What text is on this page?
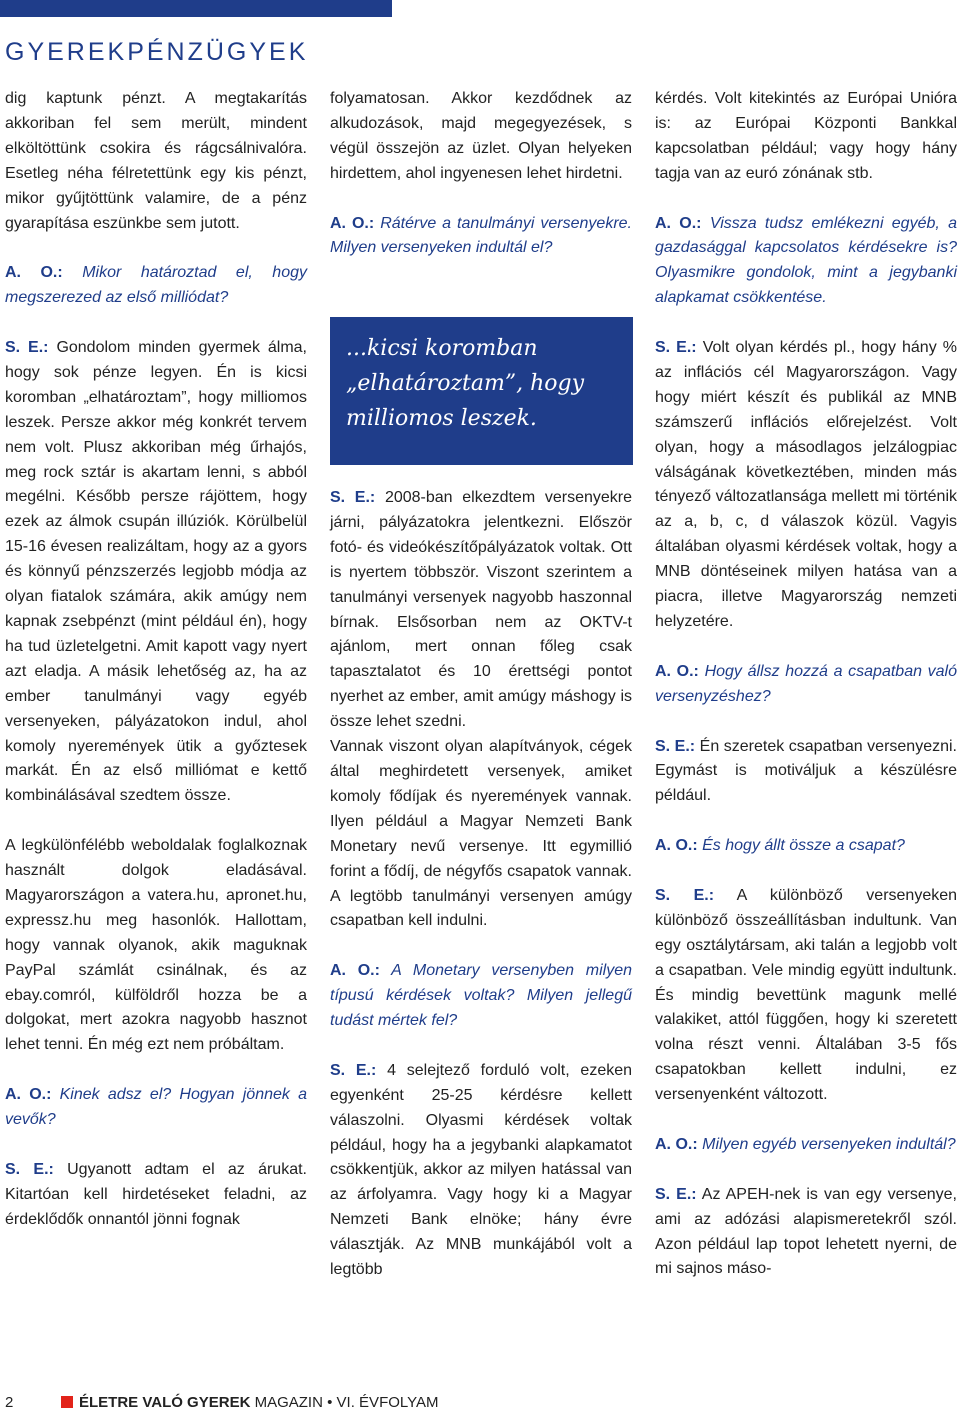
GYEREKPÉNZÜGYEK

dig kaptunk pénzt. A megtakarítás akkoriban fel sem merült, mindent elköltöttünk csokira és rágcsálnivalóra. Esetleg néha félretettünk egy kis pénzt, mikor gyűjtöttünk valamire, de a pénz gyarapítása eszünkbe sem jutott.

A. O.: Mikor határoztad el, hogy megszerezed az első milliódat?

S. E.: Gondolom minden gyermek álma, hogy sok pénze legyen. Én is kicsi koromban „elhatároztam”, hogy milliomos leszek. Persze akkor még konkrét tervem nem volt. Plusz akkoriban még űrhajós, meg rock sztár is akartam lenni, s abból megélni. Később persze rájöttem, hogy ezek az álmok csupán illúziók. Körülbelül 15-16 évesen realizáltam, hogy az a gyors és könnyű pénzszerzés legjobb módja az olyan fiatalok számára, akik amúgy nem kapnak zsebpénzt (mint például én), hogy ha tud üzletelgetni. Amit kapott vagy nyert azt eladja. A másik lehetőség az, ha az ember tanulmányi vagy egyéb versenyeken, pályázatokon indul, ahol komoly nyeremények ütik a győztesek markát. Én az első milliómat e kettő kombinálásával szedtem össze.

A legkülönfélébb weboldalak foglalkoznak használt dolgok eladásával. Magyarországon a vatera.hu, apronet.hu, expressz.hu meg hasonlók. Hallottam, hogy vannak olyanok, akik maguknak PayPal számlát csinálnak, és az ebay.comról, külföldről hozza be a dolgokat, mert azokra nagyobb hasznot lehet tenni. Én még ezt nem próbáltam.

A. O.: Kinek adsz el? Hogyan jönnek a vevők?

S. E.: Ugyanott adtam el az árukat. Kitartóan kell hirdetéseket feladni, az érdeklődők onnantól jönni fognak

folyamatosan. Akkor kezdődnek az alkudozások, majd megegyezések, s végül összejön az üzlet. Olyan helyeken hirdettem, ahol ingyenesen lehet hirdetni.

A. O.: Rátérve a tanulmányi versenyekre. Milyen versenyeken indultál el?

...kicsi koromban „elhatároztam”, hogy milliomos leszek.

S. E.: 2008-ban elkezdtem versenyekre járni, pályázatokra jelentkezni. Először fotó- és videókészítőpályázatok voltak. Ott is nyertem többször. Viszont szerintem a tanulmányi versenyek nagyobb haszonnal bírnak. Elsősorban nem az OKTV-t ajánlom, mert onnan főleg csak tapasztalatot és 10 érettségi pontot nyerhet az ember, amit amúgy máshogy is össze lehet szedni.

Vannak viszont olyan alapítványok, cégek által meghirdetett versenyek, amiket komoly fődíjak és nyeremények vannak. Ilyen például a Magyar Nemzeti Bank Monetary nevű versenye. Itt egymillió forint a fődíj, de négyfős csapatok vannak. A legtöbb tanulmányi versenyen amúgy csapatban kell indulni.

A. O.: A Monetary versenyben milyen típusú kérdések voltak? Milyen jellegű tudást mértek fel?

S. E.: 4 selejtező forduló volt, ezeken egyenként 25-25 kérdésre kellett válaszolni. Olyasmi kérdések voltak például, hogy ha a jegybanki alapkamatot csökkentjük, akkor az milyen hatással van az árfolyamra. Vagy hogy ki a Magyar Nemzeti Bank elnöke; hány évre választják. Az MNB munkájából volt a legtöbb

kérdés. Volt kitekintés az Európai Unióra is: az Európai Központi Bankkal kapcsolatban például; vagy hogy hány tagja van az euró zónának stb.

A. O.: Vissza tudsz emlékezni egyéb, a gazdasággal kapcsolatos kérdésekre is? Olyasmikre gondolok, mint a jegybanki alapkamat csökkentése.

S. E.: Volt olyan kérdés pl., hogy hány % az inflációs cél Magyarországon. Vagy hogy miért készít és publikál az MNB számszerű inflációs előrejelzést. Volt olyan, hogy a másodlagos jelzálogpiac válságának következtében, minden más tényező változatlansága mellett mi történik az a, b, c, d válaszok közül. Vagyis általában olyasmi kérdések voltak, hogy a MNB döntéseinek milyen hatása van a piacra, illetve Magyarország nemzeti helyzetére.

A. O.: Hogy állsz hozzá a csapatban való versenyzéshez?

S. E.: Én szeretek csapatban versenyezni. Egymást is motiváljuk a készülésre például.

A. O.: És hogy állt össze a csapat?

S. E.: A különböző versenyeken különböző összeállításban indultunk. Van egy osztálytársam, aki talán a legjobb volt a csapatban. Vele mindig együtt indultunk. És mindig bevettünk magunk mellé valakiket, attól függően, hogy ki szeretett volna részt venni. Általában 3-5 fős csapatokban kellett indulni, ez versenyenként változott.

A. O.: Milyen egyéb versenyeken indultál?

S. E.: Az APEH-nek is van egy versenye, ami az adózási alapismeretekről szól. Azon például lap topot lehetett nyerni, de mi sajnos máso-

2	ÉLETRE VALÓ GYEREK MAGAZIN • VI. ÉVFOLYAM
